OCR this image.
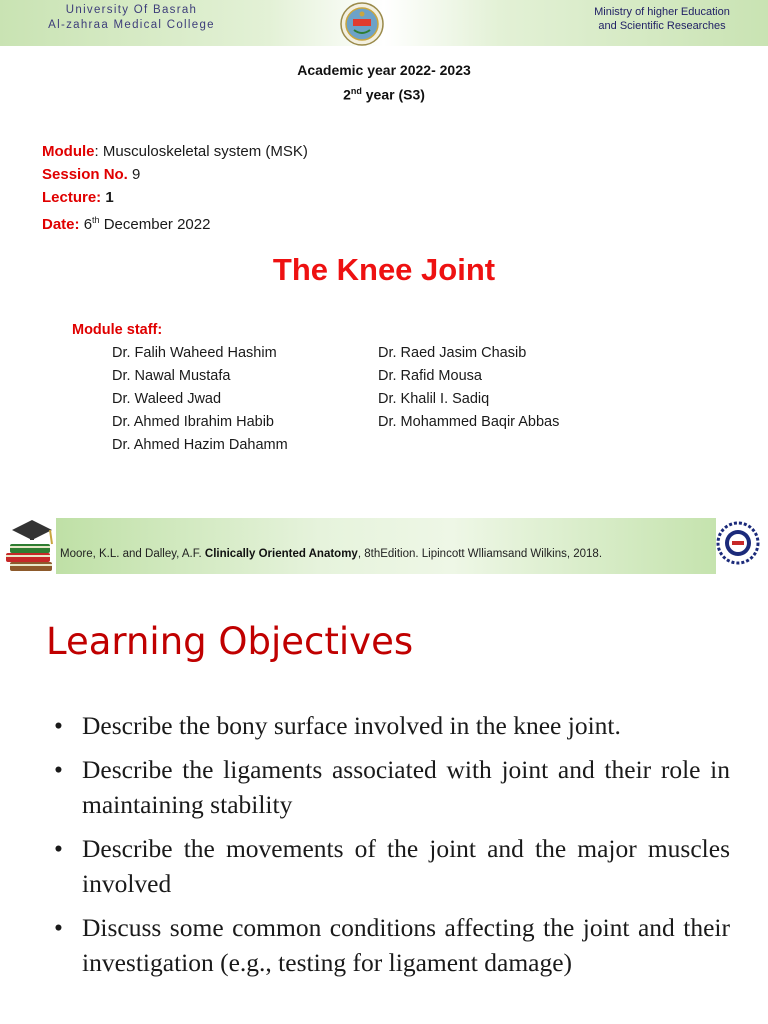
University Of Basrah
Al-zahraa Medical College
Ministry of higher Education
and Scientific Researches
Academic year 2022- 2023
2nd year (S3)
Module: Musculoskeletal system (MSK)
Session No. 9
Lecture: 1
Date: 6th December 2022
The Knee Joint
Module staff:
Dr. Falih Waheed Hashim
Dr. Nawal Mustafa
Dr. Waleed Jwad
Dr. Ahmed Ibrahim Habib
Dr. Ahmed Hazim Dahamm
Dr. Raed Jasim Chasib
Dr. Rafid Mousa
Dr. Khalil I. Sadiq
Dr. Mohammed Baqir Abbas
Moore, K.L. and Dalley, A.F. Clinically Oriented Anatomy, 8thEdition. Lipincott Wlliamsand Wilkins, 2018.
Learning Objectives
• Describe the bony surface involved in the knee joint.
• Describe the ligaments associated with joint and their role in maintaining stability
• Describe the movements of the joint and the major muscles involved
• Discuss some common conditions affecting the joint and their investigation (e.g., testing for ligament damage)
